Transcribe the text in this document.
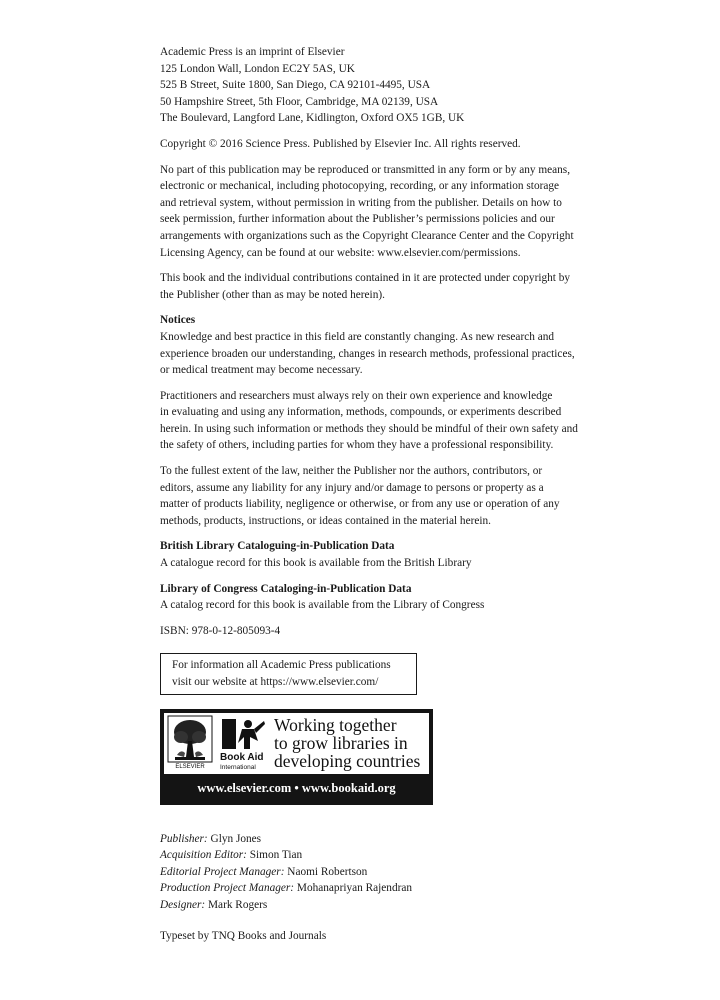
Academic Press is an imprint of Elsevier
125 London Wall, London EC2Y 5AS, UK
525 B Street, Suite 1800, San Diego, CA 92101-4495, USA
50 Hampshire Street, 5th Floor, Cambridge, MA 02139, USA
The Boulevard, Langford Lane, Kidlington, Oxford OX5 1GB, UK
Copyright © 2016 Science Press. Published by Elsevier Inc. All rights reserved.
No part of this publication may be reproduced or transmitted in any form or by any means,
electronic or mechanical, including photocopying, recording, or any information storage
and retrieval system, without permission in writing from the publisher. Details on how to
seek permission, further information about the Publisher’s permissions policies and our
arrangements with organizations such as the Copyright Clearance Center and the Copyright
Licensing Agency, can be found at our website: www.elsevier.com/permissions.
This book and the individual contributions contained in it are protected under copyright by
the Publisher (other than as may be noted herein).
Notices
Knowledge and best practice in this field are constantly changing. As new research and
experience broaden our understanding, changes in research methods, professional practices,
or medical treatment may become necessary.
Practitioners and researchers must always rely on their own experience and knowledge
in evaluating and using any information, methods, compounds, or experiments described
herein. In using such information or methods they should be mindful of their own safety and
the safety of others, including parties for whom they have a professional responsibility.
To the fullest extent of the law, neither the Publisher nor the authors, contributors, or
editors, assume any liability for any injury and/or damage to persons or property as a
matter of products liability, negligence or otherwise, or from any use or operation of any
methods, products, instructions, or ideas contained in the material herein.
British Library Cataloguing-in-Publication Data
A catalogue record for this book is available from the British Library
Library of Congress Cataloging-in-Publication Data
A catalog record for this book is available from the Library of Congress
ISBN: 978-0-12-805093-4
For information all Academic Press publications
visit our website at https://www.elsevier.com/
ELSEVIER
Book Aid
International
Working together
to grow libraries in
developing countries
www.elsevier.com • www.bookaid.org
Publisher: Glyn Jones
Acquisition Editor: Simon Tian
Editorial Project Manager: Naomi Robertson
Production Project Manager: Mohanapriyan Rajendran
Designer: Mark Rogers
Typeset by TNQ Books and Journals
